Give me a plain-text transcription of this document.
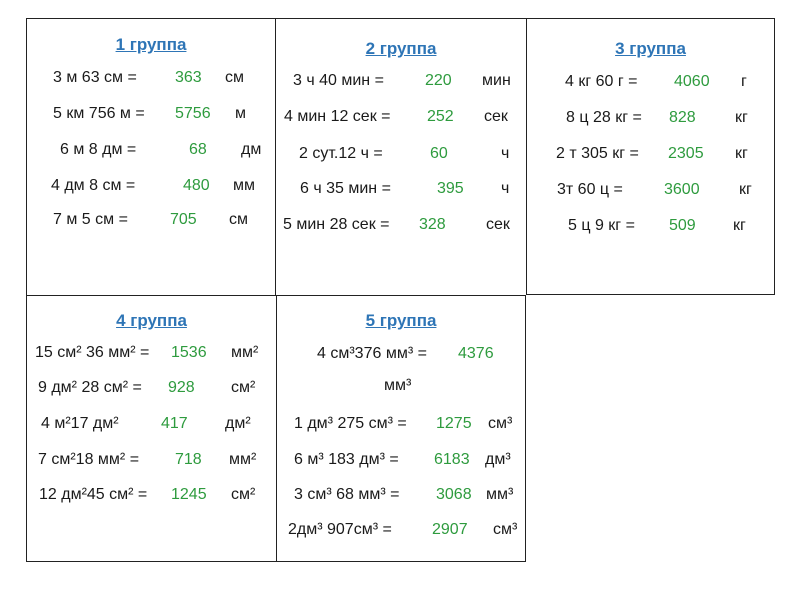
1 группа
3 м 63 см = 363 см
5 км 756 м = 5756 м
6 м 8 дм =	68 дм
4 дм 8 см =	480 мм
7 м 5 см =	705 см
2 группа
3 ч 40 мин =	220 мин
4 мин 12 сек = 252 сек
2 сут.12 ч =	60	ч
6 ч 35 мин =	395 ч
5 мин 28 сек = 328	сек
3 группа
4 кг 60 г = 4060 г
8 ц 28 кг = 828 кг
2 т 305 кг = 2305 кг
3т 60 ц =	3600 кг
5 ц 9 кг = 509 кг
4 группа
15 см² 36 мм² = 1536 мм²
9 дм² 28 см² = 928 см²
4 м²17 дм²	417 дм²
7 см²18 мм² = 718 мм²
12 дм²45 см² = 1245 см²
5 группа
4 см³376 мм³ = 4376
мм³
1 дм³ 275 см³ = 1275 см³
6 м³ 183 дм³ = 6183 дм³
3 см³ 68 мм³ = 3068 мм³
2дм³ 907см³ =	2907 см³
